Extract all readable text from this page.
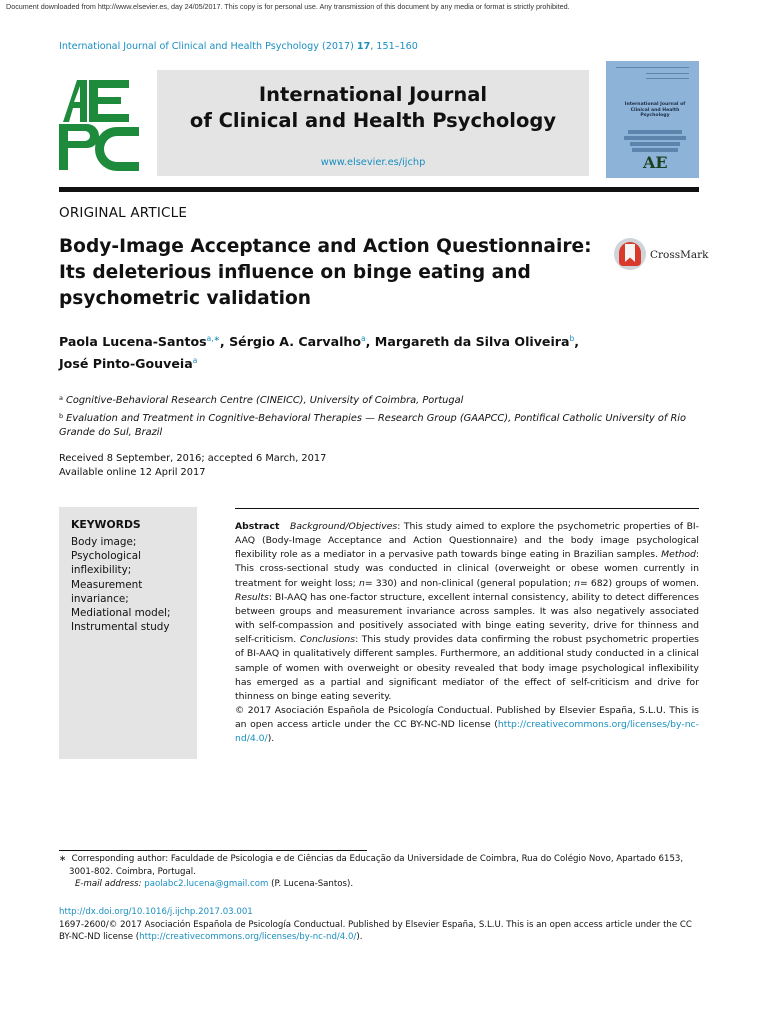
Document downloaded from http://www.elsevier.es, day 24/05/2017. This copy is for personal use. Any transmission of this document by any media or format is strictly prohibited.
International Journal of Clinical and Health Psychology (2017) 17, 151–160
International Journal
of Clinical and Health Psychology
www.elsevier.es/ijchp
International Journal of Clinical and Health Psychology
AE
ORIGINAL ARTICLE
Body-Image Acceptance and Action Questionnaire: Its deleterious influence on binge eating and psychometric validation
CrossMark
Paola Lucena-Santos$^{a,∗}$, Sérgio A. Carvalho$^a$, Margareth da Silva Oliveira$^b$,
José Pinto-Gouveia$^a$
$^a$ Cognitive-Behavioral Research Centre (CINEICC), University of Coimbra, Portugal
$^b$ Evaluation and Treatment in Cognitive-Behavioral Therapies — Research Group (GAAPCC), Pontifical Catholic University of Rio Grande do Sul, Brazil
Received 8 September, 2016; accepted 6 March, 2017
Available online 12 April 2017
KEYWORDS
Body image;
Psychological inflexibility;
Measurement invariance;
Mediational model;
Instrumental study
Abstract Background/Objectives: This study aimed to explore the psychometric properties of BI-AAQ (Body-Image Acceptance and Action Questionnaire) and the body image psychological flexibility role as a mediator in a pervasive path towards binge eating in Brazilian samples. Method: This cross-sectional study was conducted in clinical (overweight or obese women currently in treatment for weight loss; n= 330) and non-clinical (general population; n= 682) groups of women. Results: BI-AAQ has one-factor structure, excellent internal consistency, ability to detect differences between groups and measurement invariance across samples. It was also negatively associated with self-compassion and positively associated with binge eating severity, drive for thinness and self-criticism. Conclusions: This study provides data confirming the robust psychometric properties of BI-AAQ in qualitatively different samples. Furthermore, an additional study conducted in a clinical sample of women with overweight or obesity revealed that body image psychological inflexibility has emerged as a partial and significant mediator of the effect of self-criticism and drive for thinness on binge eating severity.
© 2017 Asociación Española de Psicología Conductual. Published by Elsevier España, S.L.U. This is an open access article under the CC BY-NC-ND license (http://creativecommons.org/licenses/by-nc-nd/4.0/).
∗ Corresponding author: Faculdade de Psicologia e de Ciências da Educação da Universidade de Coimbra, Rua do Colégio Novo, Apartado 6153, 3001-802. Coimbra, Portugal.
E-mail address: paolabc2.lucena@gmail.com (P. Lucena-Santos).
http://dx.doi.org/10.1016/j.ijchp.2017.03.001
1697-2600/© 2017 Asociación Española de Psicología Conductual. Published by Elsevier España, S.L.U. This is an open access article under the CC BY-NC-ND license (http://creativecommons.org/licenses/by-nc-nd/4.0/).
